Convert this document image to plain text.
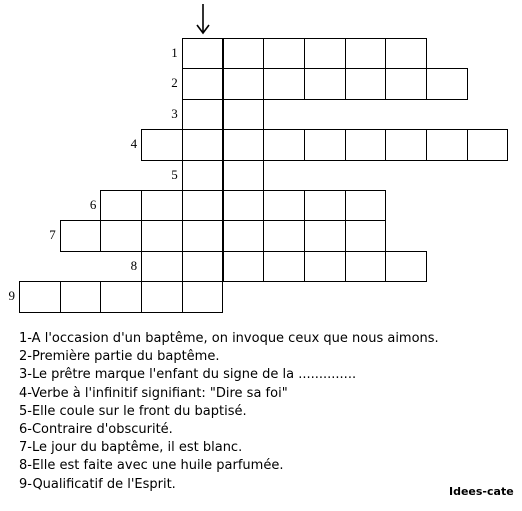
1
2
3
4
5
6
7
8
9
1-A l'occasion d'un baptême, on invoque ceux que nous aimons.
2-Première partie du baptême.
3-Le prêtre marque l'enfant du signe de la ..............
4-Verbe à l'infinitif signifiant: "Dire sa foi"
5-Elle coule sur le front du baptisé.
6-Contraire d'obscurité.
7-Le jour du baptême, il est blanc.
8-Elle est faite avec une huile parfumée.
9-Qualificatif de l'Esprit.	Idees-cate
